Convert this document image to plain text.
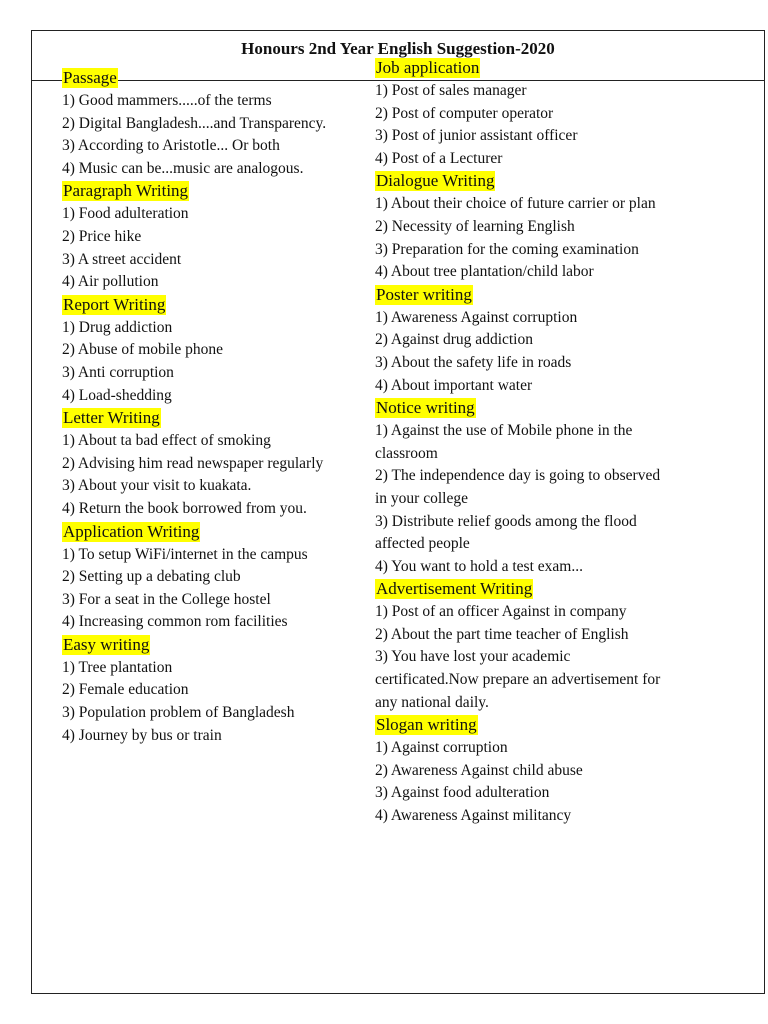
Honours 2nd Year English Suggestion-2020
Passage
1) Good mammers.....of the terms
2) Digital Bangladesh....and Transparency.
3) According to Aristotle... Or both
4) Music can be...music are analogous.
Paragraph Writing
1) Food adulteration
2) Price hike
3) A street accident
4) Air pollution
Report Writing
1) Drug addiction
2) Abuse of mobile phone
3) Anti corruption
4) Load-shedding
Letter Writing
1) About ta bad effect of smoking
2) Advising him read newspaper regularly
3) About your visit to kuakata.
4) Return the book borrowed from you.
Application Writing
1) To setup WiFi/internet in the campus
2) Setting up a debating club
3) For a seat in the College hostel
4) Increasing common rom facilities
Easy writing
1) Tree plantation
2) Female education
3) Population problem of Bangladesh
4) Journey by bus or train
Job application
1) Post of sales manager
2) Post of computer operator
3) Post of junior assistant officer
4) Post of a Lecturer
Dialogue Writing
1) About their choice of future carrier or plan
2) Necessity of learning English
3) Preparation for the coming examination
4) About tree plantation/child labor
Poster writing
1) Awareness Against corruption
2) Against drug addiction
3) About the safety life in roads
4) About important water
Notice writing
1) Against the use of Mobile phone in the classroom
2) The independence day is going to observed in your college
3) Distribute relief goods among the flood affected people
4) You want to hold a test exam...
Advertisement Writing
1) Post of an officer Against in company
2) About the part time teacher of English
3) You have lost your academic certificated.Now prepare an advertisement for any national daily.
Slogan writing
1) Against corruption
2) Awareness Against child abuse
3) Against food adulteration
4) Awareness Against militancy
